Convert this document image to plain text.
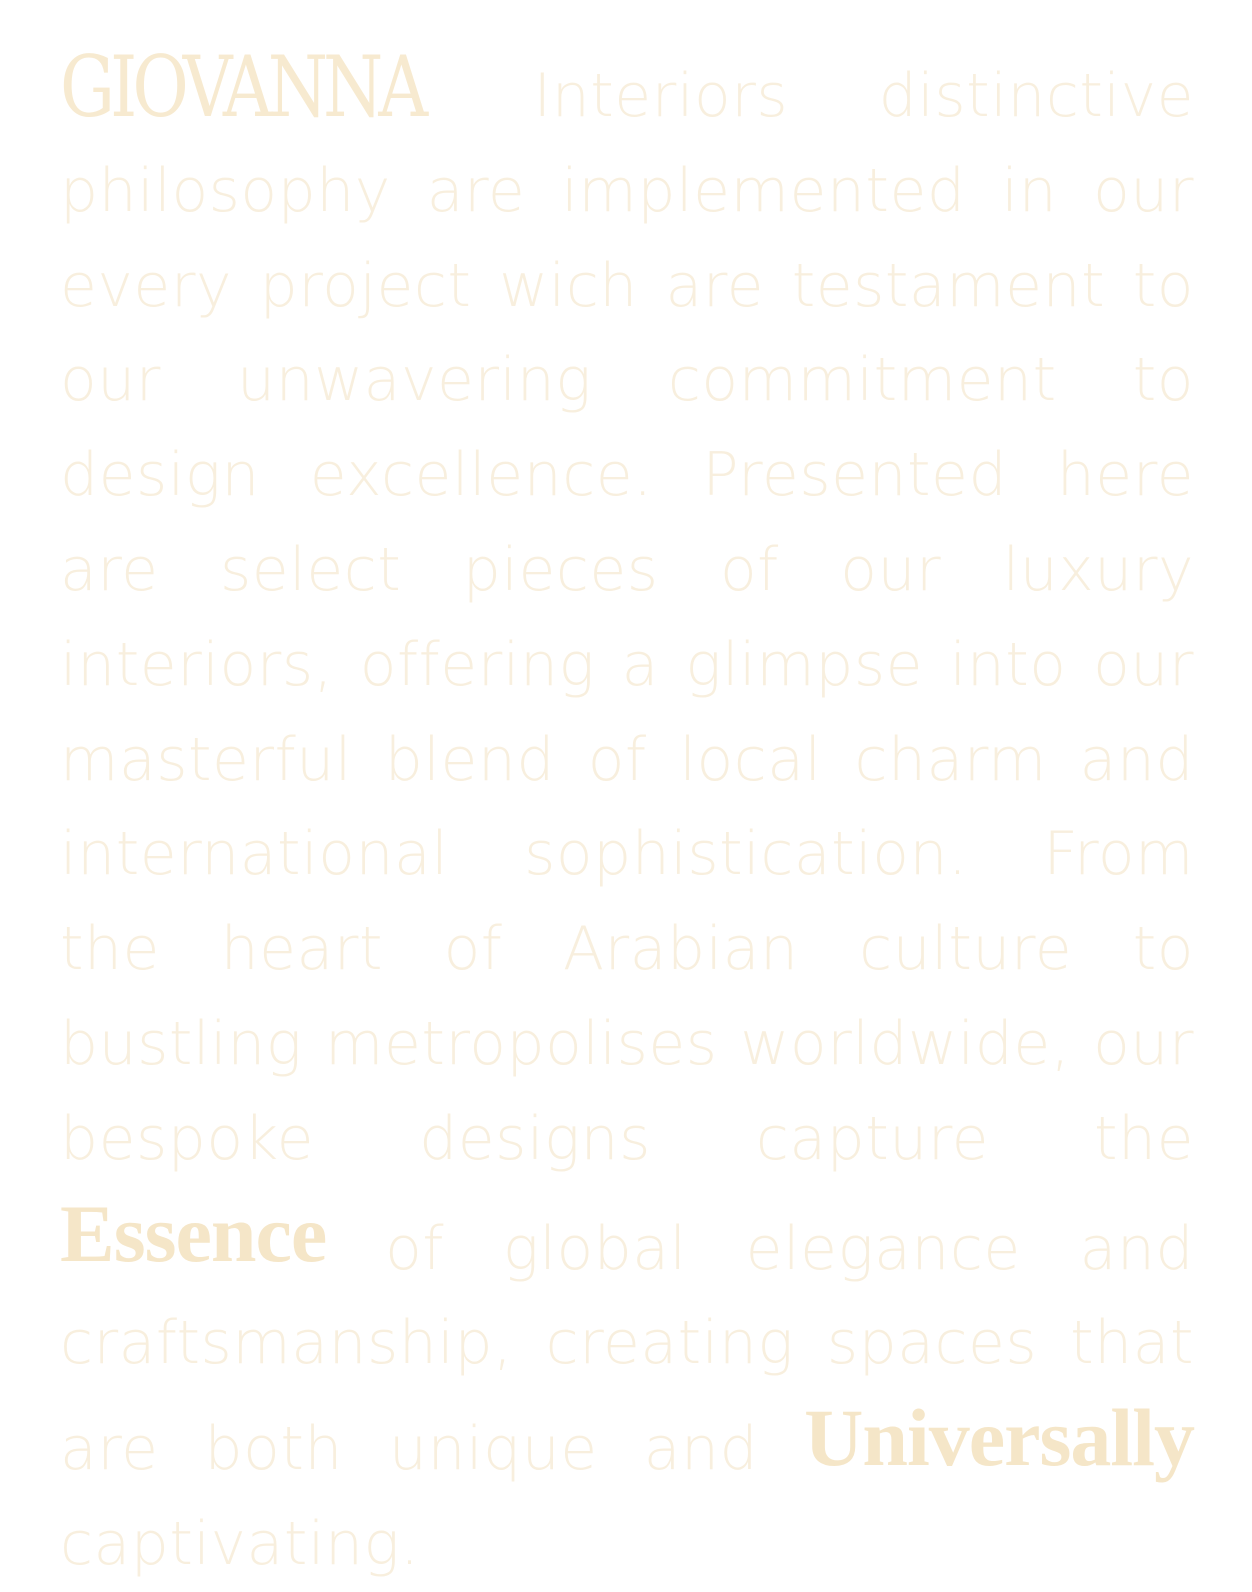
GIOVANNA Interiors distinctive philosophy are implemented in our every project wich are testament to our unwavering commitment to design excellence. Presented here are select pieces of our luxury interiors, offering a glimpse into our masterful blend of local charm and international sophistication. From the heart of Arabian culture to bustling metropolises worldwide, our bespoke designs capture the Essence of global elegance and craftsmanship, creating spaces that are both unique and Universally captivating.
